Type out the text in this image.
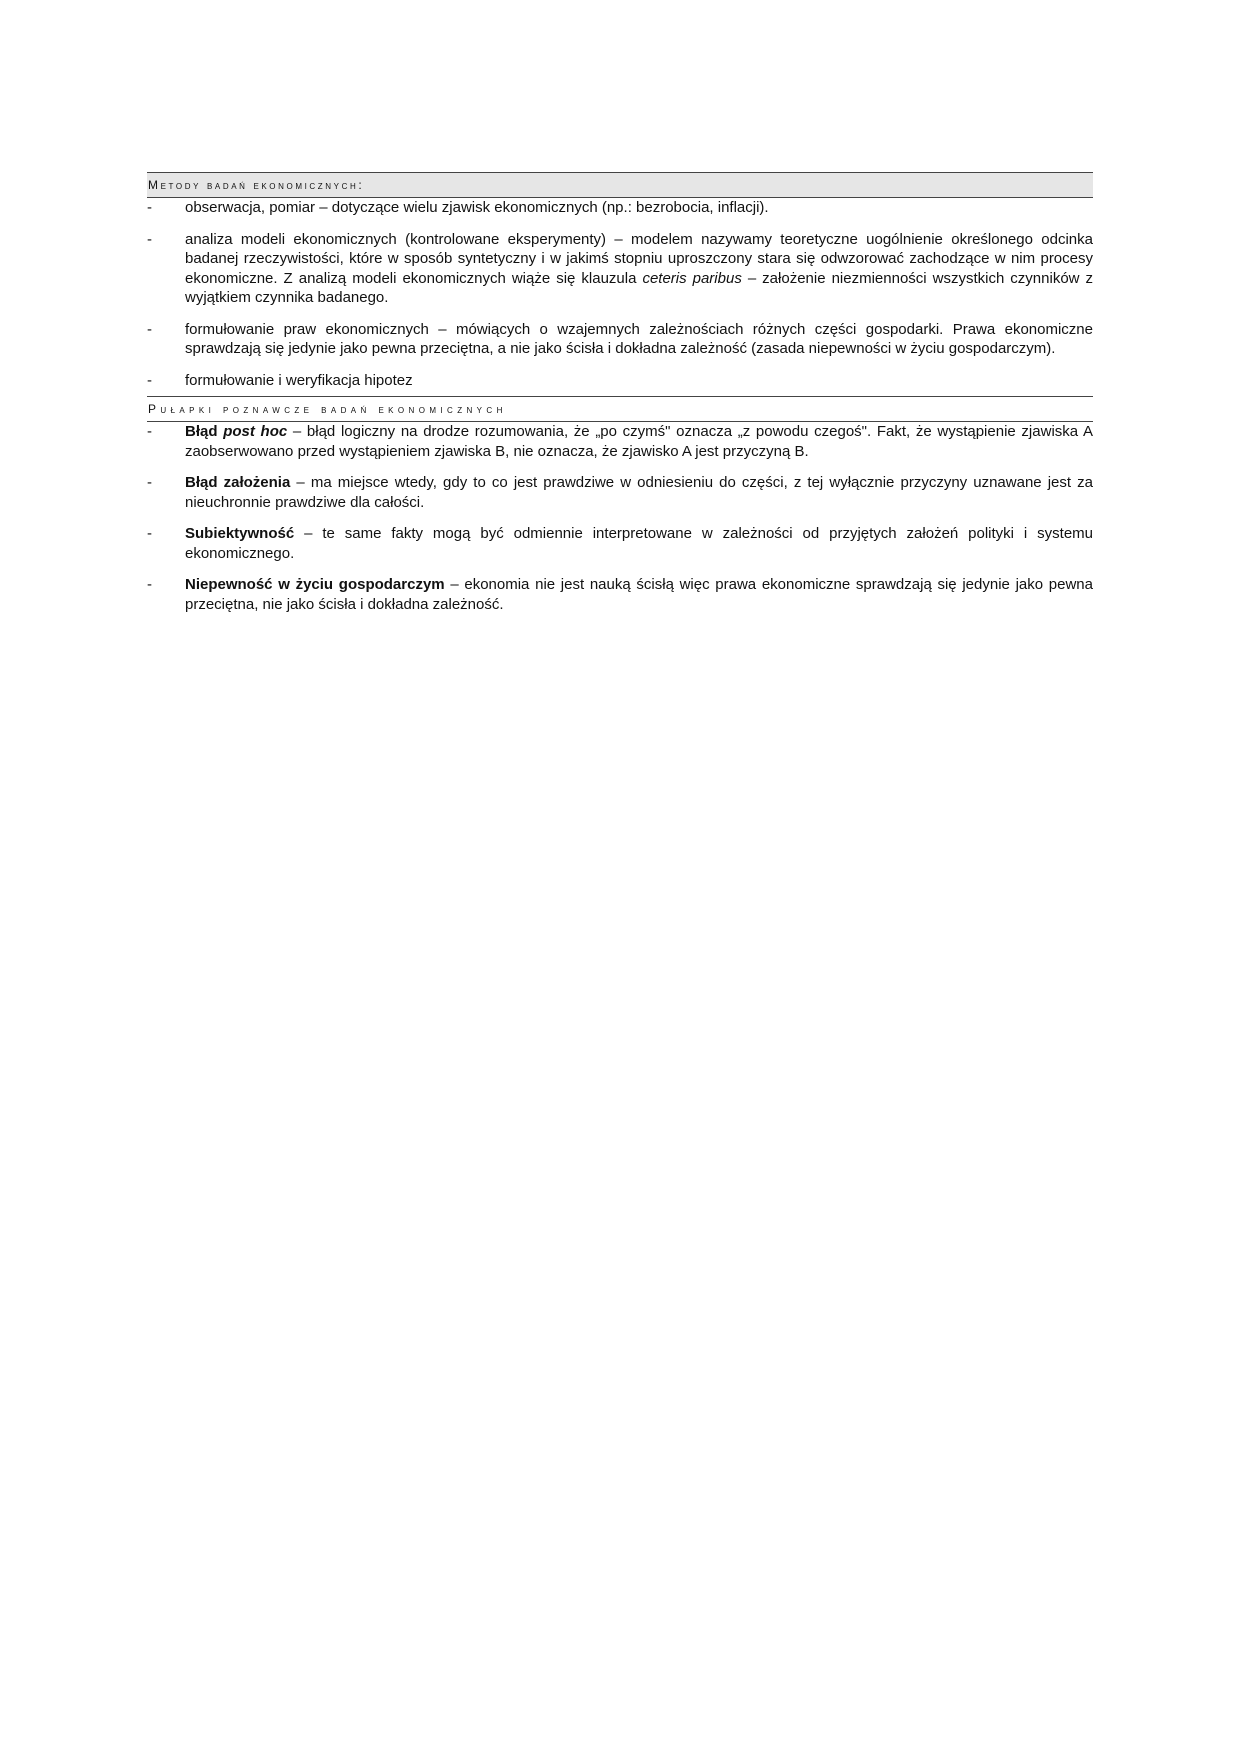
Metody badań ekonomicznych:
-	obserwacja, pomiar – dotyczące wielu zjawisk ekonomicznych (np.: bezrobocia, inflacji).
-	analiza modeli ekonomicznych (kontrolowane eksperymenty) – modelem nazywamy teoretyczne uogólnienie określonego odcinka badanej rzeczywistości, które w sposób syntetyczny i w jakimś stopniu uproszczony stara się odwzorować zachodzące w nim procesy ekonomiczne. Z analizą modeli ekonomicznych wiąże się klauzula ceteris paribus – założenie niezmienności wszystkich czynników z wyjątkiem czynnika badanego.
-	formułowanie praw ekonomicznych – mówiących o wzajemnych zależnościach różnych części gospodarki. Prawa ekonomiczne sprawdzają się jedynie jako pewna przeciętna, a nie jako ścisła i dokładna zależność (zasada niepewności w życiu gospodarczym).
-	formułowanie i weryfikacja hipotez
Pułapki poznawcze badań ekonomicznych
-	Błąd post hoc – błąd logiczny na drodze rozumowania, że „po czymś" oznacza „z powodu czegoś". Fakt, że wystąpienie zjawiska A zaobserwowano przed wystąpieniem zjawiska B, nie oznacza, że zjawisko A jest przyczyną B.
-	Błąd założenia – ma miejsce wtedy, gdy to co jest prawdziwe w odniesieniu do części, z tej wyłącznie przyczyny uznawane jest za nieuchronnie prawdziwe dla całości.
-	Subiektywność – te same fakty mogą być odmiennie interpretowane w zależności od przyjętych założeń polityki i systemu ekonomicznego.
-	Niepewność w życiu gospodarczym – ekonomia nie jest nauką ścisłą więc prawa ekonomiczne sprawdzają się jedynie jako pewna przeciętna, nie jako ścisła i dokładna zależność.
